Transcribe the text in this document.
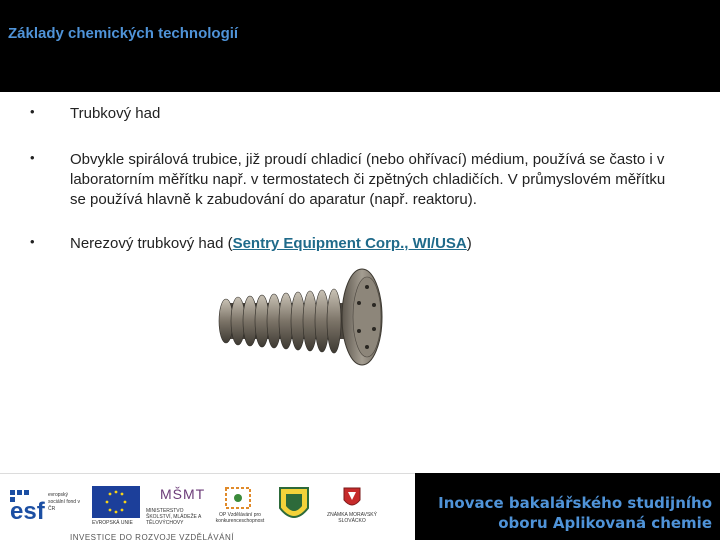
Základy chemických technologií
• Trubkový had
• Obvykle spirálová trubice, již proudí chladicí (nebo ohřívací) médium, používá se často i v laboratorním měřítku např. v termostatech či zpětných chladičích. V průmyslovém měřítku se používá hlavně k zabudování do aparatur (např. reaktoru).
• Nerezový trubkový had (Sentry Equipment Corp., WI/USA)
esf
evropský sociální fond v ČR
EVROPSKÁ UNIE
MŠMT
MINISTERSTVO ŠKOLSTVÍ, MLÁDEŽE A TĚLOVÝCHOVY
OP Vzdělávání pro konkurenceschopnost
ZNÁMKA MORAVSKÝ SLOVÁCKO
INVESTICE DO ROZVOJE VZDĚLÁVÁNÍ
Inovace bakalářského studijního
oboru Aplikovaná chemie
